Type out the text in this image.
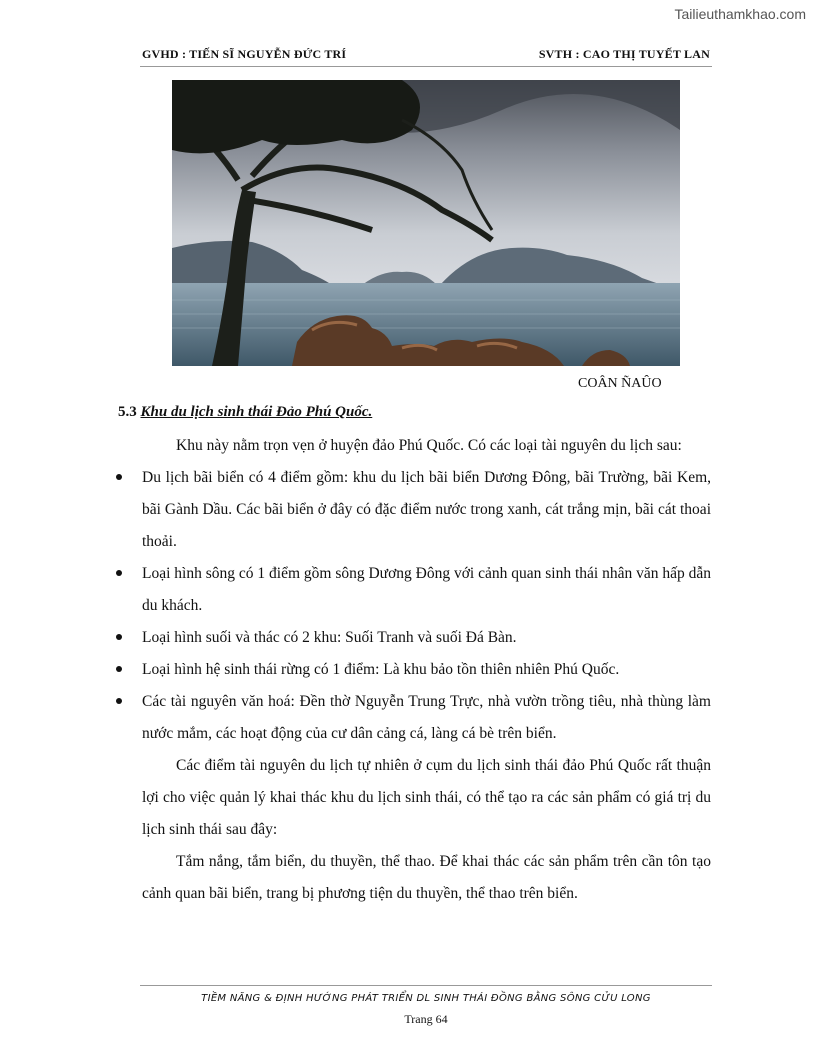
Tailieuthamkhao.com
GVHD : TIẾN SĨ NGUYỄN ĐỨC TRÍ	SVTH : CAO THỊ TUYẾT LAN
COÂN ÑAÛO
5.3 Khu du lịch sinh thái Đảo Phú Quốc.

Khu này nằm trọn vẹn ở huyện đảo Phú Quốc. Có các loại tài nguyên du lịch sau:

Du lịch bãi biển có 4 điểm gồm: khu du lịch bãi biển Dương Đông, bãi Trường, bãi Kem, bãi Gành Dầu. Các bãi biển ở đây có đặc điểm nước trong xanh, cát trắng mịn, bãi cát thoai thoải.
Loại hình sông có 1 điểm gồm sông Dương Đông với cảnh quan sinh thái nhân văn hấp dẫn du khách.
Loại hình suối và thác có 2 khu: Suối Tranh và suối Đá Bàn.
Loại hình hệ sinh thái rừng có 1 điểm: Là khu bảo tồn thiên nhiên Phú Quốc.
Các tài nguyên văn hoá: Đền thờ Nguyễn Trung Trực, nhà vườn trồng tiêu, nhà thùng làm nước mắm, các hoạt động của cư dân cảng cá, làng cá bè trên biển.

Các điểm tài nguyên du lịch tự nhiên ở cụm du lịch sinh thái đảo Phú Quốc rất thuận lợi cho việc quản lý khai thác khu du lịch sinh thái, có thể tạo ra các sản phẩm có giá trị du lịch sinh thái sau đây:

Tắm nắng, tắm biển, du thuyền, thể thao. Để khai thác các sản phẩm trên cần tôn tạo cảnh quan bãi biển, trang bị phương tiện du thuyền, thể thao trên biển.

TIỀM NĂNG & ĐỊNH HƯỚNG PHÁT TRIỂN DL SINH THÁI ĐỒNG BẰNG SÔNG CỬU LONG
Trang 64
